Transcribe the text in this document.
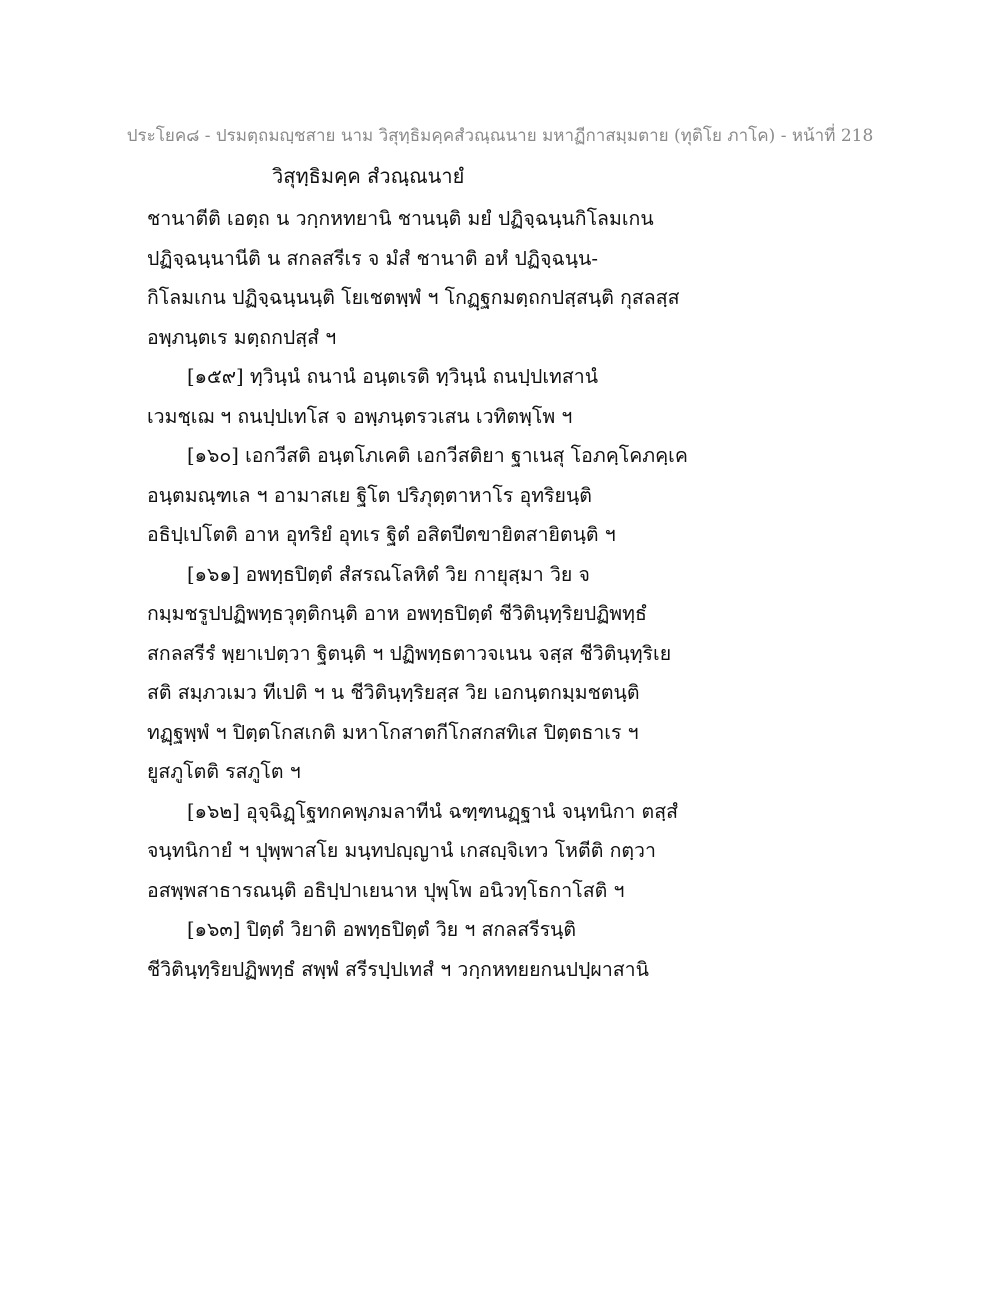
ประโยค๘ - ปรมตฺถมญฺชสาย นาม วิสุทฺธิมคฺคสํวณฺณนาย มหาฏีกาสมฺมตาย (ทุติโย ภาโค) - หน้าที่ 218
วิสุทฺธิมคฺค สํวณฺณนายํ
ชานาตีติ เอตฺถ น วกฺกหทยานิ ชานนฺติ มยํ ปฏิจฺฉนฺนกิโลมเกน
ปฏิจฺฉนฺนานีติ น สกลสรีเร จ มํสํ ชานาติ อหํ ปฏิจฺฉนฺน-
กิโลมเกน ปฏิจฺฉนฺนนฺติ โยเชตพฺพํ ฯ โกฏฺฐกมตฺถกปสฺสนฺติ กุสลสฺส
อพฺภนฺตเร มตฺถกปสฺสํ ฯ
[๑๕๙] ทฺวินฺนํ ถนานํ อนฺตเรติ ทฺวินฺนํ ถนปฺปเทสานํ
เวมชฺเฌ ฯ ถนปฺปเทโส จ อพฺภนฺตรวเสน เวทิตพฺโพ ฯ
[๑๖๐] เอกวีสติ อนฺตโภเคติ เอกวีสติยา ฐาเนสุ โอภคฺโคภคฺเค
อนฺตมณฺฑเล ฯ อามาสเย ฐิโต ปริภุตฺตาหาโร อุทริยนฺติ
อธิปฺเปโตติ อาห อุทริยํ อุทเร ฐิตํ อสิตปีตขายิตสายิตนฺติ ฯ
[๑๖๑] อพทฺธปิตฺตํ สํสรณโลหิตํ วิย กายุสฺมา วิย จ
กมฺมชรูปปฏิพทฺธวุตฺติกนฺติ อาห อพทฺธปิตฺตํ ชีวิตินฺทฺริยปฏิพทฺธํ
สกลสรีรํ พฺยาเปตฺวา ฐิตนฺติ ฯ ปฏิพทฺธตาวจเนน จสฺส ชีวิตินฺทฺริเย
สติ สมฺภวเมว ทีเปติ ฯ น ชีวิตินฺทฺริยสฺส วิย เอกนฺตกมฺมชตนฺติ
ทฏฺฐพฺพํ ฯ ปิตฺตโกสเกติ มหาโกสาตกีโกสกสทิเส ปิตฺตธาเร ฯ
ยูสภูโตติ รสภูโต ฯ
[๑๖๒] อุจฺฉิฏฺโฐทกคพฺภมลาทีนํ ฉฑฺฑนฏฺฐานํ จนฺทนิกา ตสฺสํ
จนฺทนิกายํ ฯ ปุพฺพาสโย มนฺทปญฺญานํ เกสญฺจิเทว โหตีติ กตฺวา
อสพฺพสาธารณนฺติ อธิปฺปาเยนาห ปุพฺโพ อนิวทฺโธกาโสติ ฯ
[๑๖๓] ปิตฺตํ วิยาติ อพทฺธปิตฺตํ วิย ฯ สกลสรีรนฺติ
ชีวิตินฺทฺริยปฏิพทฺธํ สพฺพํ สรีรปฺปเทสํ ฯ วกฺกหทยยกนปปฺผาสานิ
